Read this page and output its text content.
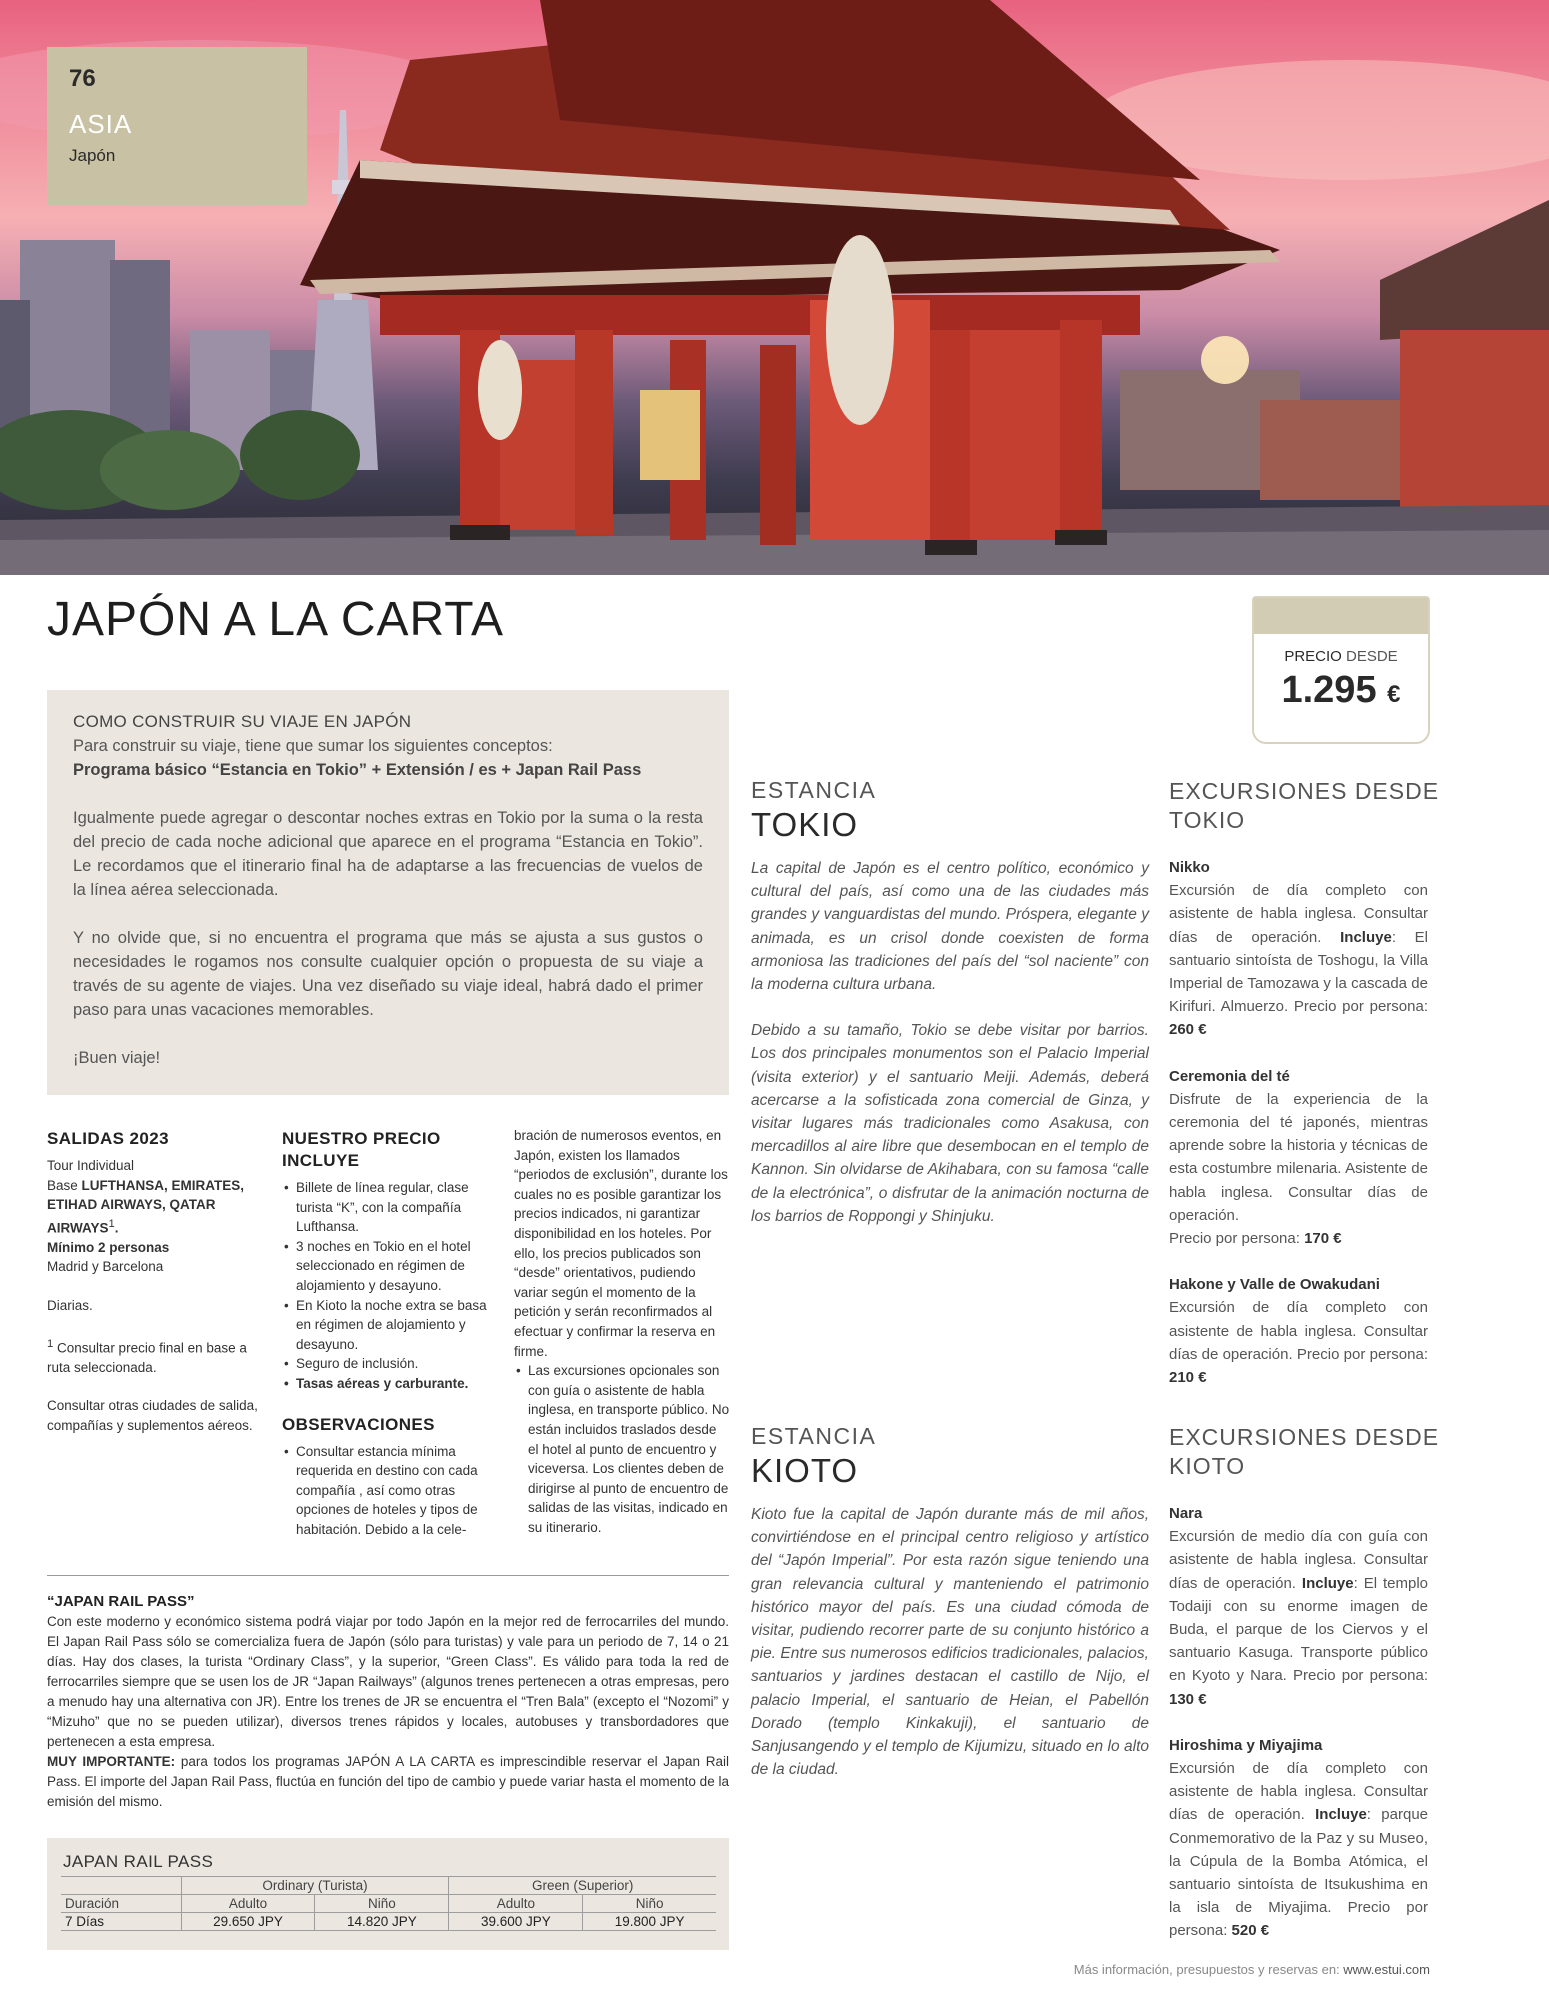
76
ASIA
Japón
JAPÓN A LA CARTA
PRECIO DESDE
1.295 €
COMO CONSTRUIR SU VIAJE EN JAPÓN

Para construir su viaje, tiene que sumar los siguientes conceptos:

Programa básico “Estancia en Tokio” + Extensión / es + Japan Rail Pass

Igualmente puede agregar o descontar noches extras en Tokio por la suma o la resta del precio de cada noche adicional que aparece en el programa “Estancia en Tokio”. Le recordamos que el itinerario final ha de adaptarse a las frecuencias de vuelos de la línea aérea seleccionada.

Y no olvide que, si no encuentra el programa que más se ajusta a sus gustos o necesidades le rogamos nos consulte cualquier opción o propuesta de su viaje a través de su agente de viajes. Una vez diseñado su viaje ideal, habrá dado el primer paso para unas vacaciones memorables.

¡Buen viaje!

SALIDAS 2023
Tour Individual
Base LUFTHANSA, EMIRATES, ETIHAD AIRWAYS, QATAR AIRWAYS$^1$.
Mínimo 2 personas
Madrid y Barcelona
Diarias.
$^1$ Consultar precio final en base a ruta seleccionada.
Consultar otras ciudades de salida, compañías y suplementos aéreos.
NUESTRO PRECIO INCLUYE
• Billete de línea regular, clase turista “K”, con la compañía Lufthansa.
• 3 noches en Tokio en el hotel seleccionado en régimen de alojamiento y desayuno.
• En Kioto la noche extra se basa en régimen de alojamiento y desayuno.
• Seguro de inclusión.
• Tasas aéreas y carburante.
OBSERVACIONES
• Consultar estancia mínima requerida en destino con cada compañía , así como otras opciones de hoteles y tipos de habitación. Debido a la cele-
bración de numerosos eventos, en Japón, existen los llamados “periodos de exclusión”, durante los cuales no es posible garantizar los precios indicados, ni garantizar disponibilidad en los hoteles. Por ello, los precios publicados son “desde” orientativos, pudiendo variar según el momento de la petición y serán reconfirmados al efectuar y confirmar la reserva en firme.
• Las excursiones opcionales son con guía o asistente de habla inglesa, en transporte público. No están incluidos traslados desde el hotel al punto de encuentro y viceversa. Los clientes deben de dirigirse al punto de encuentro de salidas de las visitas, indicado en su itinerario.
“JAPAN RAIL PASS”
Con este moderno y económico sistema podrá viajar por todo Japón en la mejor red de ferrocarriles del mundo. El Japan Rail Pass sólo se comercializa fuera de Japón (sólo para turistas) y vale para un periodo de 7, 14 o 21 días. Hay dos clases, la turista “Ordinary Class”, y la superior, “Green Class”. Es válido para toda la red de ferrocarriles siempre que se usen los de JR “Japan Railways” (algunos trenes pertenecen a otras empresas, pero a menudo hay una alternativa con JR). Entre los trenes de JR se encuentra el “Tren Bala” (excepto el “Nozomi” y “Mizuho” que no se pueden utilizar), diversos trenes rápidos y locales, autobuses y transbordadores que pertenecen a esta empresa.
MUY IMPORTANTE: para todos los programas JAPÓN A LA CARTA es imprescindible reservar el Japan Rail Pass. El importe del Japan Rail Pass, fluctúa en función del tipo de cambio y puede variar hasta el momento de la emisión del mismo.
JAPAN RAIL PASS
	Ordinary (Turista)		Green (Superior)	
Duración	Adulto	Niño	Adulto	Niño
7 Días	29.650 JPY	14.820 JPY	39.600 JPY	19.800 JPY
ESTANCIA
TOKIO

La capital de Japón es el centro político, económico y cultural del país, así como una de las ciudades más grandes y vanguardistas del mundo. Próspera, elegante y animada, es un crisol donde coexisten de forma armoniosa las tradiciones del país del “sol naciente” con la moderna cultura urbana.

Debido a su tamaño, Tokio se debe visitar por barrios. Los dos principales monumentos son el Palacio Imperial (visita exterior) y el santuario Meiji. Además, deberá acercarse a la sofisticada zona comercial de Ginza, y visitar lugares más tradicionales como Asakusa, con mercadillos al aire libre que desembocan en el templo de Kannon. Sin olvidarse de Akihabara, con su famosa “calle de la electrónica”, o disfrutar de la animación nocturna de los barrios de Roppongi y Shinjuku.

EXCURSIONES DESDE
TOKIO
Nikko
Excursión de día completo con asistente de habla inglesa. Consultar días de operación. Incluye: El santuario sintoísta de Toshogu, la Villa Imperial de Tamozawa y la cascada de Kirifuri. Almuerzo. Precio por persona: 260 €
Ceremonia del té
Disfrute de la experiencia de la ceremonia del té japonés, mientras aprende sobre la historia y técnicas de esta costumbre milenaria. Asistente de habla inglesa. Consultar días de operación.
Precio por persona: 170 €
Hakone y Valle de Owakudani
Excursión de día completo con asistente de habla inglesa. Consultar días de operación. Precio por persona: 210 €
ESTANCIA
KIOTO

Kioto fue la capital de Japón durante más de mil años, convirtiéndose en el principal centro religioso y artístico del “Japón Imperial”. Por esta razón sigue teniendo una gran relevancia cultural y manteniendo el patrimonio histórico mayor del país. Es una ciudad cómoda de visitar, pudiendo recorrer parte de su conjunto histórico a pie. Entre sus numerosos edificios tradicionales, palacios, santuarios y jardines destacan el castillo de Nijo, el palacio Imperial, el santuario de Heian, el Pabellón Dorado (templo Kinkakuji), el santuario de Sanjusangendo y el templo de Kijumizu, situado en lo alto de la ciudad.

EXCURSIONES DESDE
KIOTO
Nara
Excursión de medio día con guía con asistente de habla inglesa. Consultar días de operación. Incluye: El templo Todaiji con su enorme imagen de Buda, el parque de los Ciervos y el santuario Kasuga. Transporte público en Kyoto y Nara. Precio por persona: 130 €
Hiroshima y Miyajima
Excursión de día completo con asistente de habla inglesa. Consultar días de operación. Incluye: parque Conmemorativo de la Paz y su Museo, la Cúpula de la Bomba Atómica, el santuario sintoísta de Itsukushima en la isla de Miyajima. Precio por persona: 520 €
Más información, presupuestos y reservas en: www.estui.com
